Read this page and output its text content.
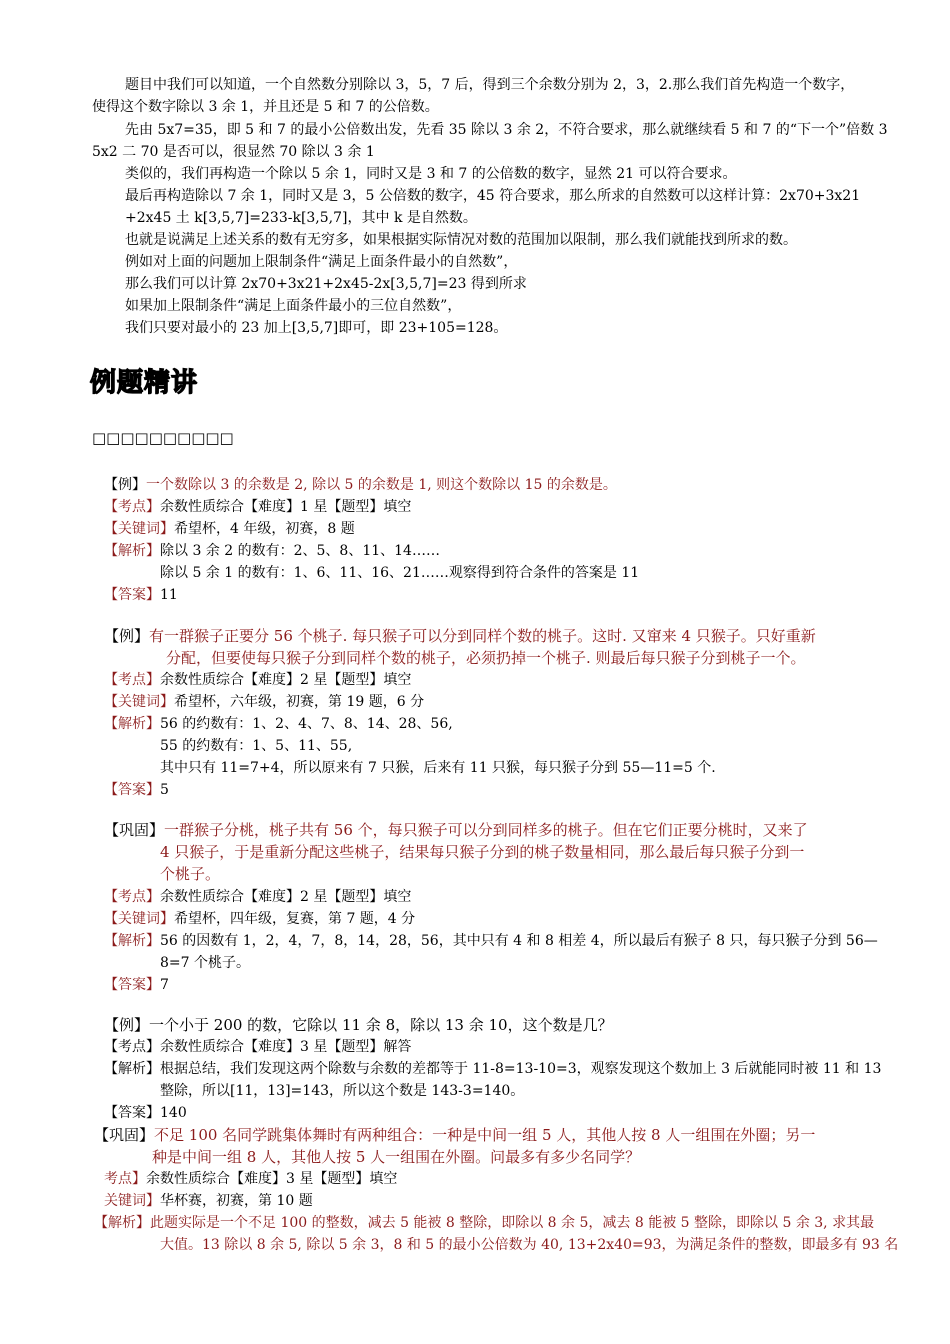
题目中我们可以知道，一个自然数分别除以 3，5，7 后，得到三个余数分别为 2，3，2.那么我们首先构造一个数字，
使得这个数字除以 3 余 1，并且还是 5 和 7 的公倍数。
先由 5x7=35，即 5 和 7 的最小公倍数出发，先看 35 除以 3 余 2，不符合要求，那么就继续看 5 和 7 的“下一个”倍数 3
5x2 二 70 是否可以，很显然 70 除以 3 余 1
类似的，我们再构造一个除以 5 余 1，同时又是 3 和 7 的公倍数的数字，显然 21 可以符合要求。
最后再构造除以 7 余 1，同时又是 3，5 公倍数的数字，45 符合要求，那么所求的自然数可以这样计算：2x70+3x21
+2x45 土 k[3,5,7]=233-k[3,5,7]，其中 k 是自然数。
也就是说满足上述关系的数有无穷多，如果根据实际情况对数的范围加以限制，那么我们就能找到所求的数。
例如对上面的问题加上限制条件“满足上面条件最小的自然数”，
那么我们可以计算 2x70+3x21+2x45-2x[3,5,7]=23 得到所求
如果加上限制条件“满足上面条件最小的三位自然数”，
我们只要对最小的 23 加上[3,5,7]即可，即 23+105=128。
例题精讲
□□□□□□□□□□
【例】一个数除以 3 的余数是 2, 除以 5 的余数是 1, 则这个数除以 15 的余数是。
【考点】余数性质综合【难度】1 星【题型】填空
【关键词】希望杯，4 年级，初赛，8 题
【解析】除以 3 余 2 的数有：2、5、8、11、14……
除以 5 余 1 的数有：1、6、11、16、21……观察得到符合条件的答案是 11
【答案】11
【例】有一群猴子正要分 56 个桃子. 每只猴子可以分到同样个数的桃子。这时. 又窜来 4 只猴子。只好重新
分配，但要使每只猴子分到同样个数的桃子，必须扔掉一个桃子. 则最后每只猴子分到桃子一个。
【考点】余数性质综合【难度】2 星【题型】填空
【关键词】希望杯，六年级，初赛，第 19 题，6 分
【解析】56 的约数有：1、2、4、7、8、14、28、56,
55 的约数有：1、5、11、55,
其中只有 11=7+4，所以原来有 7 只猴，后来有 11 只猴，每只猴子分到 55—11=5 个.
【答案】5
【巩固】一群猴子分桃，桃子共有 56 个，每只猴子可以分到同样多的桃子。但在它们正要分桃时，又来了
4 只猴子，于是重新分配这些桃子，结果每只猴子分到的桃子数量相同，那么最后每只猴子分到一
个桃子。
【考点】余数性质综合【难度】2 星【题型】填空
【关键词】希望杯，四年级，复赛，第 7 题，4 分
【解析】56 的因数有 1，2，4，7，8，14，28，56，其中只有 4 和 8 相差 4，所以最后有猴子 8 只，每只猴子分到 56—
8=7 个桃子。
【答案】7
【例】一个小于 200 的数，它除以 11 余 8，除以 13 余 10，这个数是几？
【考点】余数性质综合【难度】3 星【题型】解答
【解析】根据总结，我们发现这两个除数与余数的差都等于 11-8=13-10=3，观察发现这个数加上 3 后就能同时被 11 和 13
整除，所以[11，13]=143，所以这个数是 143-3=140。
【答案】140
【巩固】不足 100 名同学跳集体舞时有两种组合：一种是中间一组 5 人，其他人按 8 人一组围在外圈；另一
种是中间一组 8 人，其他人按 5 人一组围在外圈。问最多有多少名同学？
考点】余数性质综合【难度】3 星【题型】填空
关键词】华杯赛，初赛，第 10 题
【解析】此题实际是一个不足 100 的整数，减去 5 能被 8 整除，即除以 8 余 5，减去 8 能被 5 整除，即除以 5 余 3, 求其最
大值。13 除以 8 余 5, 除以 5 余 3，8 和 5 的最小公倍数为 40, 13+2x40=93，为满足条件的整数，即最多有 93 名
